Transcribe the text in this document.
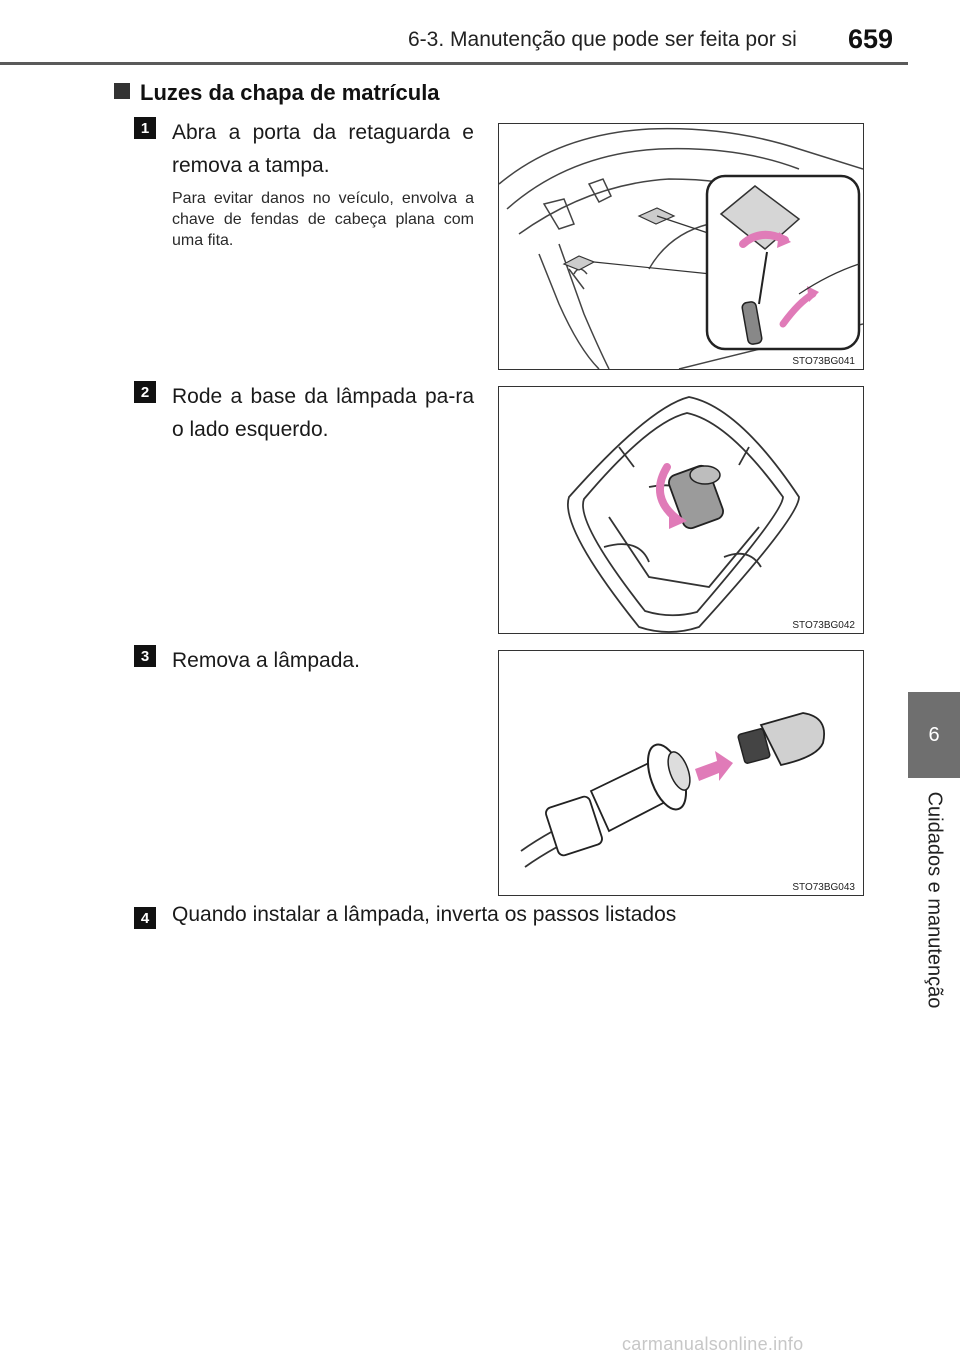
6-3. Manutenção que pode ser feita por si 659
6
Cuidados e manutenção
Luzes da chapa de matrícula
1	Abra a porta da retaguarda e remova a tampa.
Para evitar danos no veículo, envolva a chave de fendas de cabeça plana com uma fita.
STO73BG041
2	Rode a base da lâmpada pa-ra o lado esquerdo.
STO73BG042
3	Remova a lâmpada.
STO73BG043
4	Quando instalar a lâmpada, inverta os passos listados
carmanualsonline.info
